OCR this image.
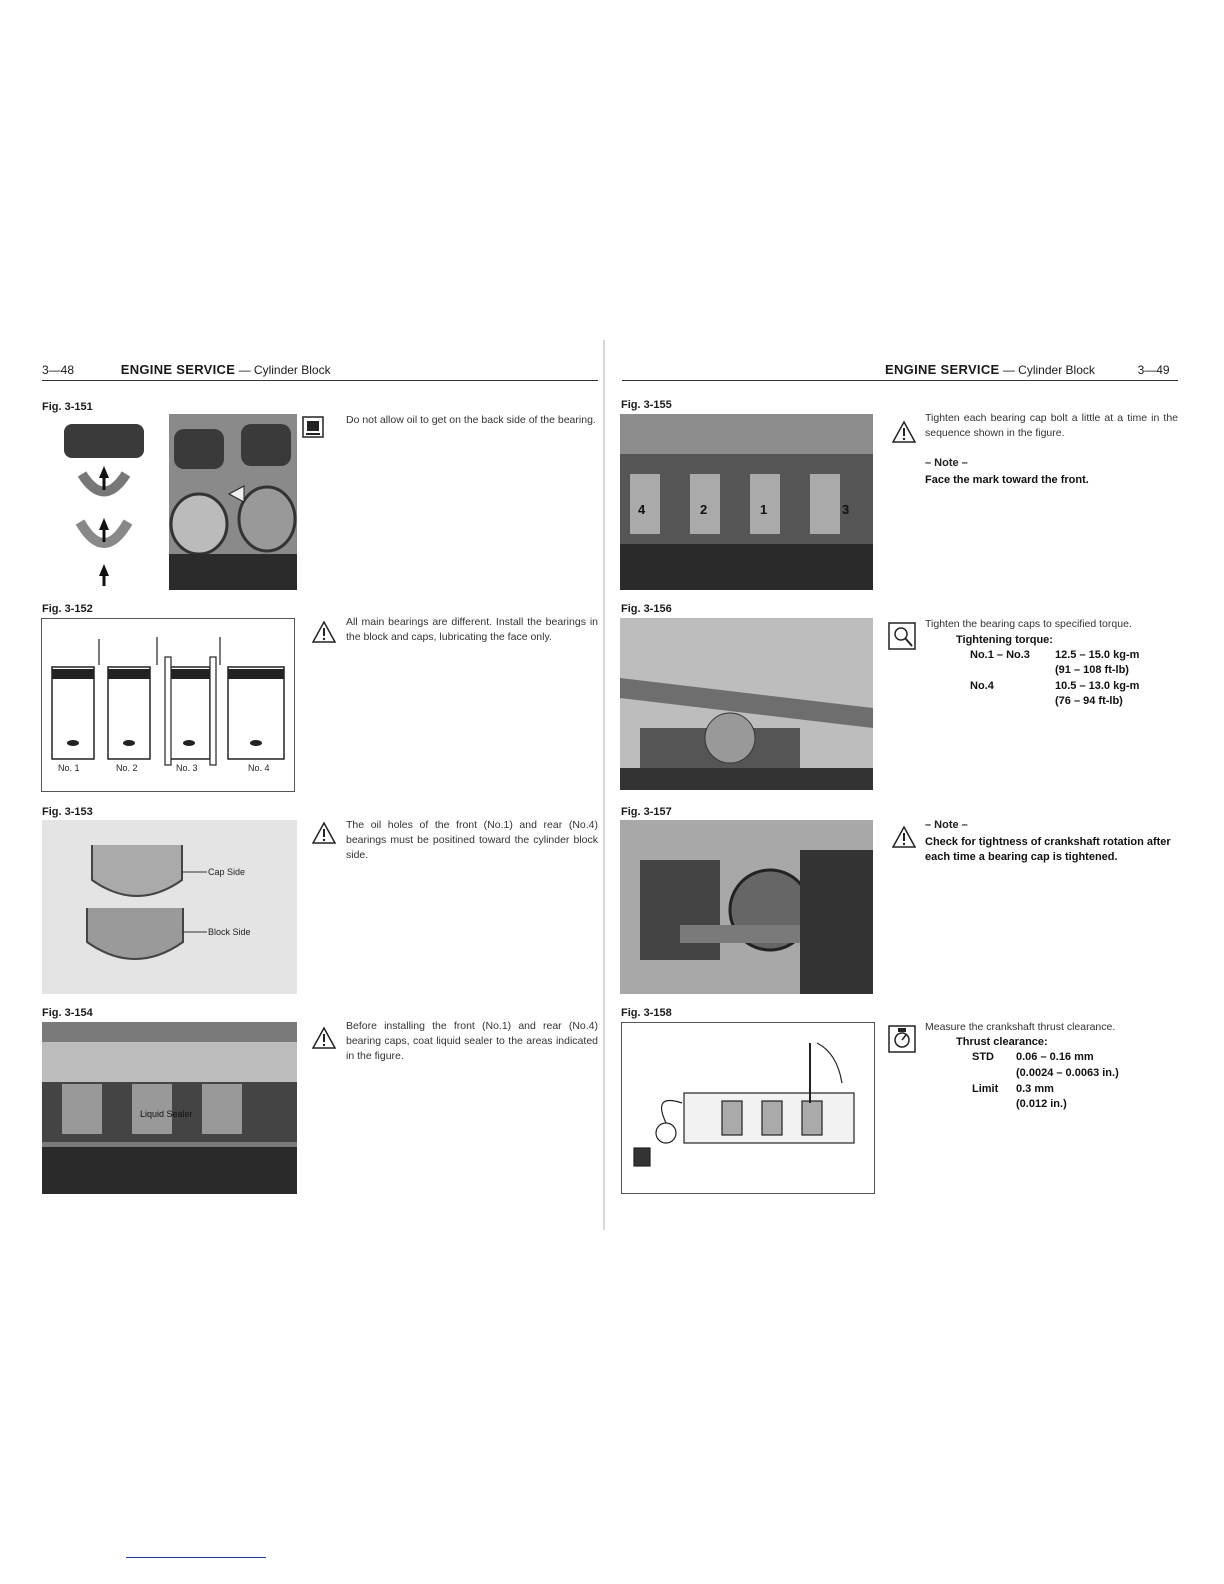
3—48	ENGINE SERVICE — Cylinder Block	ENGINE SERVICE — Cylinder Block	3—49
Fig. 3-151
Do not allow oil to get on the back side of the bearing.
Fig. 3-152
No. 1	No. 2	No. 3	No. 4
All main bearings are different. Install the bearings in the block and caps, lubricating the face only.
Fig. 3-153
Cap Side
Block Side
The oil holes of the front (No.1) and rear (No.4) bearings must be positined toward the cylinder block side.
Fig. 3-154
Liquid Sealer
Before installing the front (No.1) and rear (No.4) bearing caps, coat liquid sealer to the areas indicated in the figure.
Fig. 3-155
4	2	1	3
Tighten each bearing cap bolt a little at a time in the sequence shown in the figure.
– Note –
Face the mark toward the front.
Fig. 3-156
Tighten the bearing caps to specified torque.
Tightening torque:
No.1 – No.3 12.5 – 15.0 kg-m
(91 – 108 ft-lb)
No.4	10.5 – 13.0 kg-m
(76 – 94 ft-lb)
Fig. 3-157
– Note –
Check for tightness of crankshaft rotation after each time a bearing cap is tightened.
Fig. 3-158
Measure the crankshaft thrust clearance.
Thrust clearance:
STD 0.06 – 0.16 mm
(0.0024 – 0.0063 in.)
Limit 0.3 mm
(0.012 in.)
